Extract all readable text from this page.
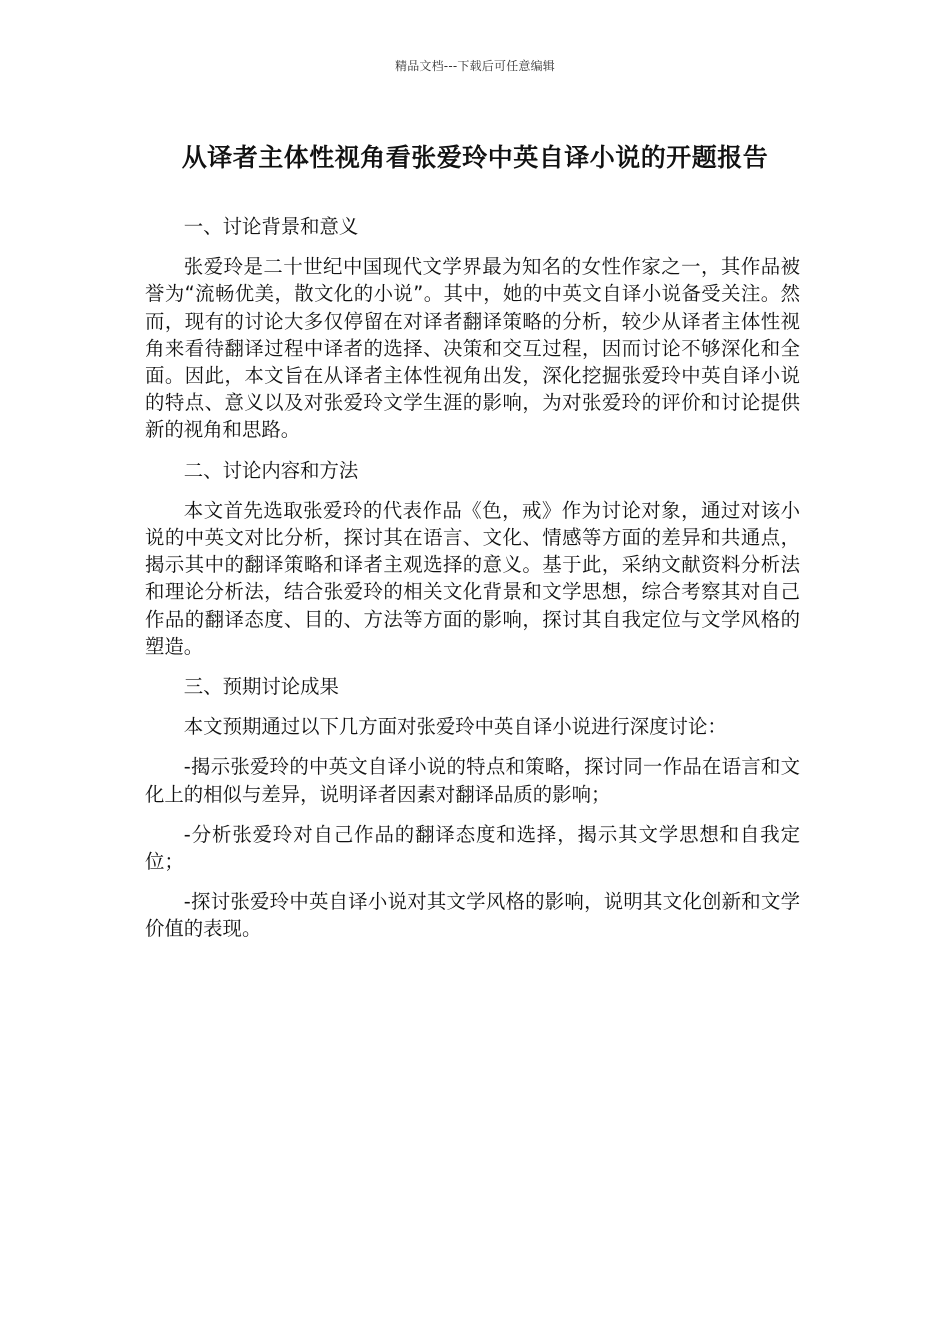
精品文档---下载后可任意编辑
从译者主体性视角看张爱玲中英自译小说的开题报告

一、讨论背景和意义

张爱玲是二十世纪中国现代文学界最为知名的女性作家之一，其作品被誉为“流畅优美，散文化的小说”。其中，她的中英文自译小说备受关注。然而，现有的讨论大多仅停留在对译者翻译策略的分析，较少从译者主体性视角来看待翻译过程中译者的选择、决策和交互过程，因而讨论不够深化和全面。因此，本文旨在从译者主体性视角出发，深化挖掘张爱玲中英自译小说的特点、意义以及对张爱玲文学生涯的影响，为对张爱玲的评价和讨论提供新的视角和思路。

二、讨论内容和方法

本文首先选取张爱玲的代表作品《色，戒》作为讨论对象，通过对该小说的中英文对比分析，探讨其在语言、文化、情感等方面的差异和共通点，揭示其中的翻译策略和译者主观选择的意义。基于此，采纳文献资料分析法和理论分析法，结合张爱玲的相关文化背景和文学思想，综合考察其对自己作品的翻译态度、目的、方法等方面的影响，探讨其自我定位与文学风格的塑造。

三、预期讨论成果

本文预期通过以下几方面对张爱玲中英自译小说进行深度讨论：

-揭示张爱玲的中英文自译小说的特点和策略，探讨同一作品在语言和文化上的相似与差异，说明译者因素对翻译品质的影响；

-分析张爱玲对自己作品的翻译态度和选择，揭示其文学思想和自我定位；

-探讨张爱玲中英自译小说对其文学风格的影响，说明其文化创新和文学价值的表现。
